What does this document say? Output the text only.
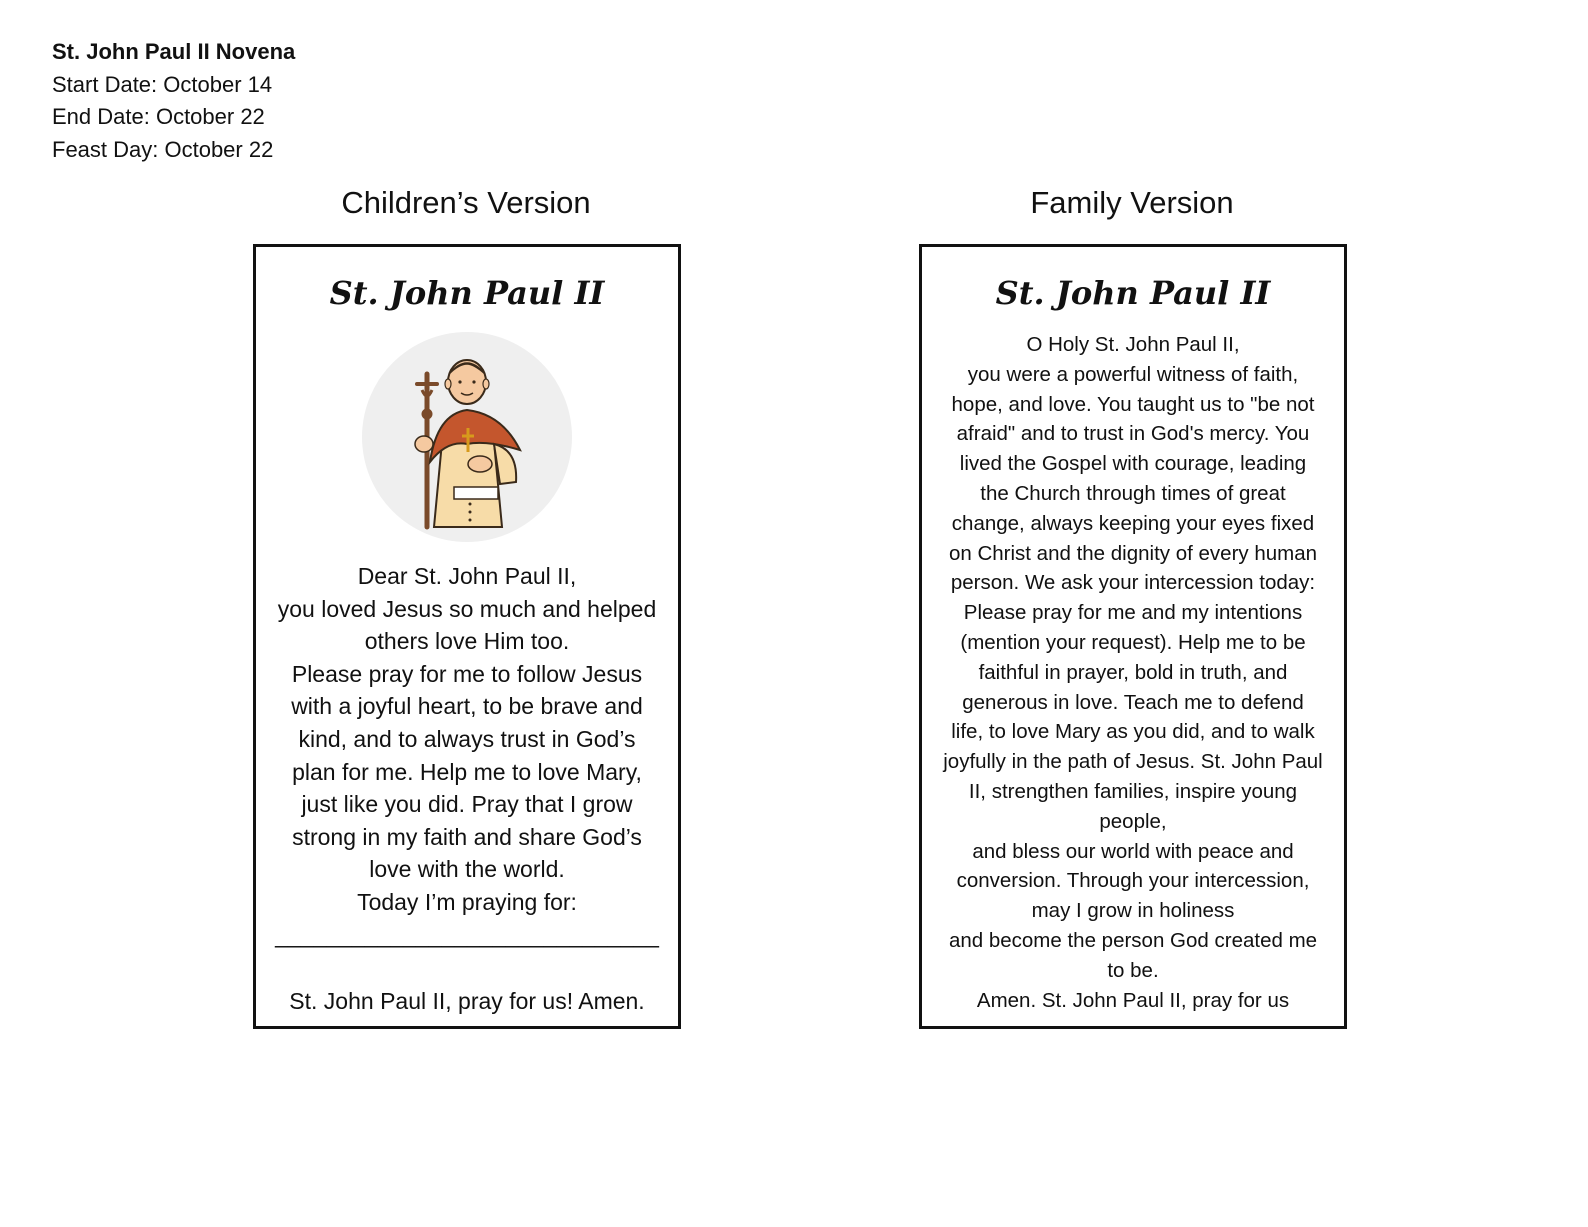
St. John Paul II Novena
Start Date: October 14
End Date: October 22
Feast Day: October 22
Children’s Version	Family Version
St. John Paul II
Dear St. John Paul II,
you loved Jesus so much and helped
others love Him too.
Please pray for me to follow Jesus
with a joyful heart, to be brave and
kind, and to always trust in God’s
plan for me. Help me to love Mary,
just like you did. Pray that I grow
strong in my faith and share God’s
love with the world.
Today I’m praying for:
______________________________
St. John Paul II, pray for us! Amen.
St. John Paul II
O Holy St. John Paul II,
you were a powerful witness of faith,
hope, and love. You taught us to "be not
afraid" and to trust in God's mercy. You
lived the Gospel with courage, leading
the Church through times of great
change, always keeping your eyes fixed
on Christ and the dignity of every human
person. We ask your intercession today:
Please pray for me and my intentions
(mention your request). Help me to be
faithful in prayer, bold in truth, and
generous in love. Teach me to defend
life, to love Mary as you did, and to walk
joyfully in the path of Jesus. St. John Paul
II, strengthen families, inspire young
people,
and bless our world with peace and
conversion. Through your intercession,
may I grow in holiness
and become the person God created me
to be.
Amen. St. John Paul II, pray for us
